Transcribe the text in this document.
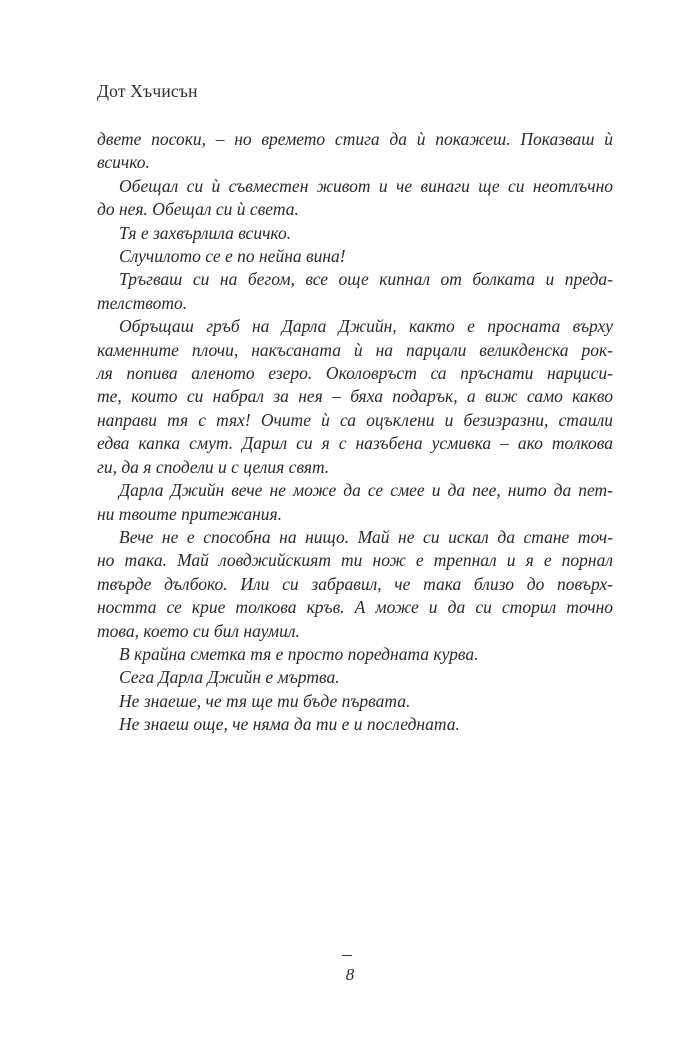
Дот Хъчисън
двете посоки, – но времето стига да ѝ покажеш. Показваш ѝ
всичко.
Обещал си ѝ съвместен живот и че винаги ще си неотлъчно
до нея. Обещал си ѝ света.
Тя е захвърлила всичко.
Случилото се е по нейна вина!
Тръгваш си на бегом, все още кипнал от болката и преда-
телството.
Обръщаш гръб на Дарла Джийн, както е просната върху
каменните плочи, накъсаната ѝ на парцали великденска рок-
ля попива аленото езеро. Околовръст са пръснати нарциси-
те, които си набрал за нея – бяха подарък, а виж само какво
направи тя с тях! Очите ѝ са оцъклени и безизразни, стаили
едва капка смут. Дарил си я с назъбена усмивка – ако толкова
ги, да я сподели и с целия свят.
Дарла Джийн вече не може да се смее и да пее, нито да пет-
ни твоите притежания.
Вече не е способна на нищо. Май не си искал да стане точ-
но така. Май ловджийският ти нож е трепнал и я е порнал
твърде дълбоко. Или си забравил, че така близо до повърх-
ността се крие толкова кръв. А може и да си сторил точно
това, което си бил наумил.
В крайна сметка тя е просто поредната курва.
Сега Дарла Джийн е мъртва.
Не знаеше, че тя ще ти бъде първата.
Не знаеш още, че няма да ти е и последната.
8
